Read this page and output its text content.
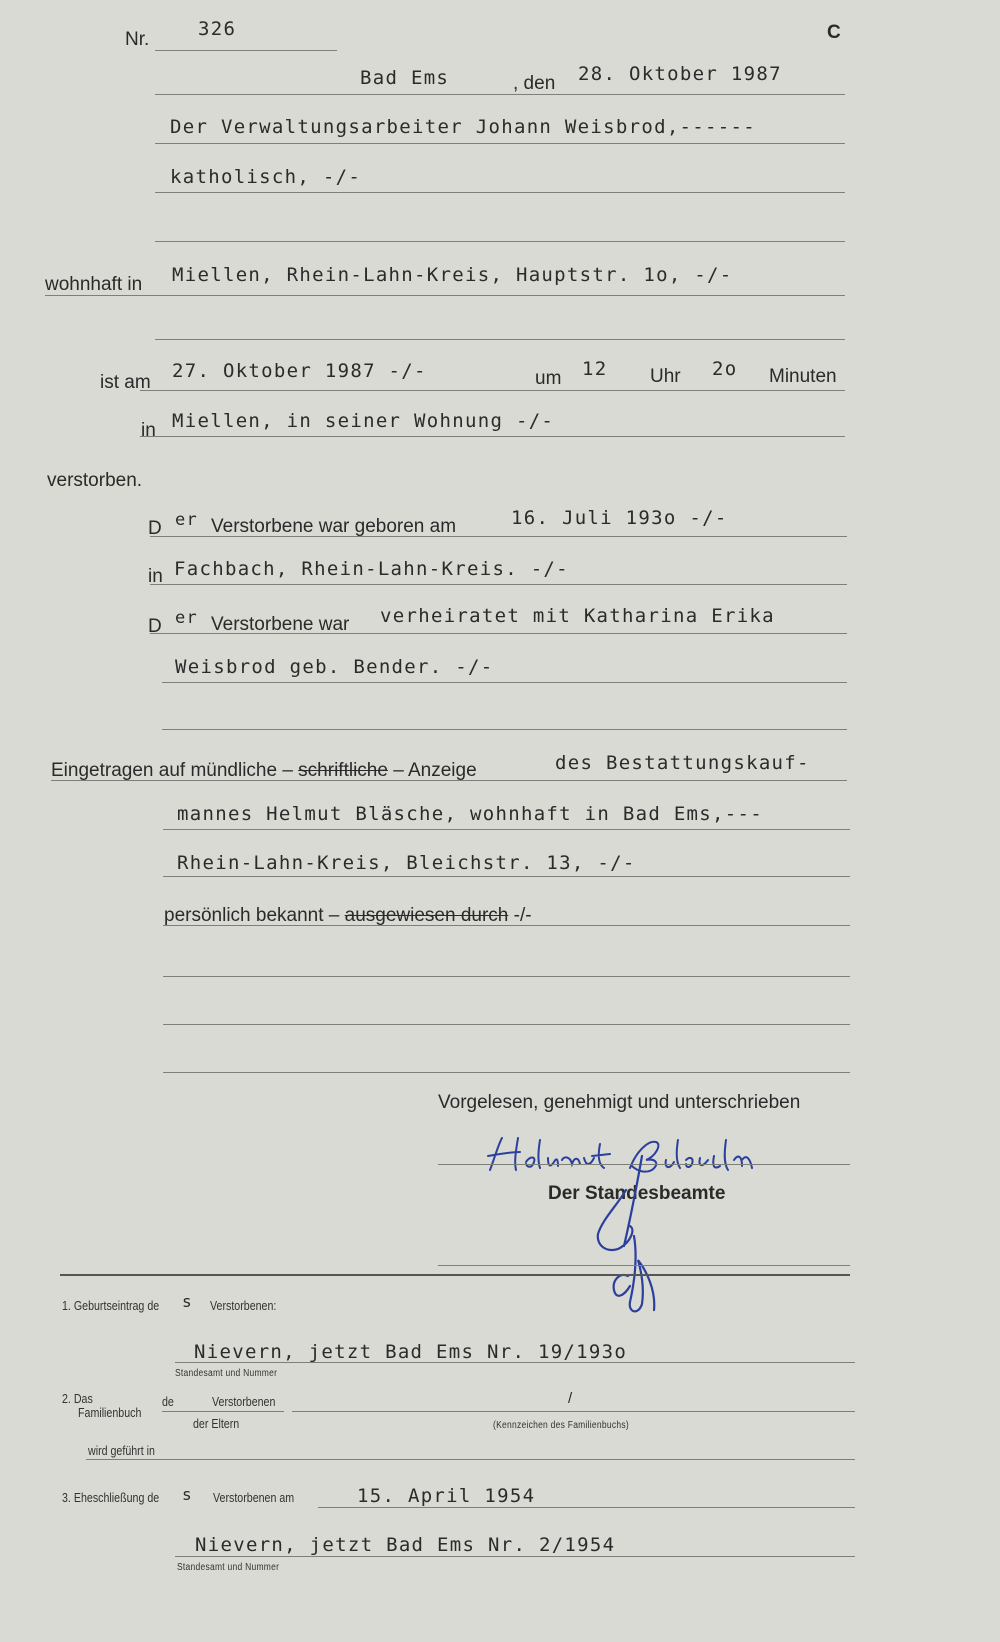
Nr.	326	C
Bad Ems	, den 28. Oktober 1987
Der Verwaltungsarbeiter Johann Weisbrod,------
katholisch, -/-
wohnhaft in Miellen, Rhein-Lahn-Kreis, Hauptstr. 1o, -/-
ist am
27. Oktober 1987 -/-	um 12 Uhr 2o Minuten
in Miellen, in seiner Wohnung -/-
verstorben.
D er Verstorbene war geboren am	16. Juli 193o -/-
in Fachbach, Rhein-Lahn-Kreis. -/-
D er Verstorbene war verheiratet mit Katharina Erika
Weisbrod geb. Bender. -/-
Eingetragen auf mündliche – schriftliche – Anzeige	des Bestattungskauf-
mannes Helmut Bläsche, wohnhaft in Bad Ems,---
Rhein-Lahn-Kreis, Bleichstr. 13, -/-
persönlich bekannt – ausgewiesen durch -/-
Vorgelesen, genehmigt und unterschrieben
Der Standesbeamte
1. Geburtseintrag de s Verstorbenen:
Nievern, jetzt Bad Ems Nr. 19/193o
Standesamt und Nummer
2. Das
Familienbuch
de	Verstorbenen	/
der Eltern	(Kennzeichen des Familienbuchs)
wird geführt in
3. Eheschließung de s Verstorbenen am	15. April 1954
Nievern, jetzt Bad Ems Nr. 2/1954
Standesamt und Nummer
